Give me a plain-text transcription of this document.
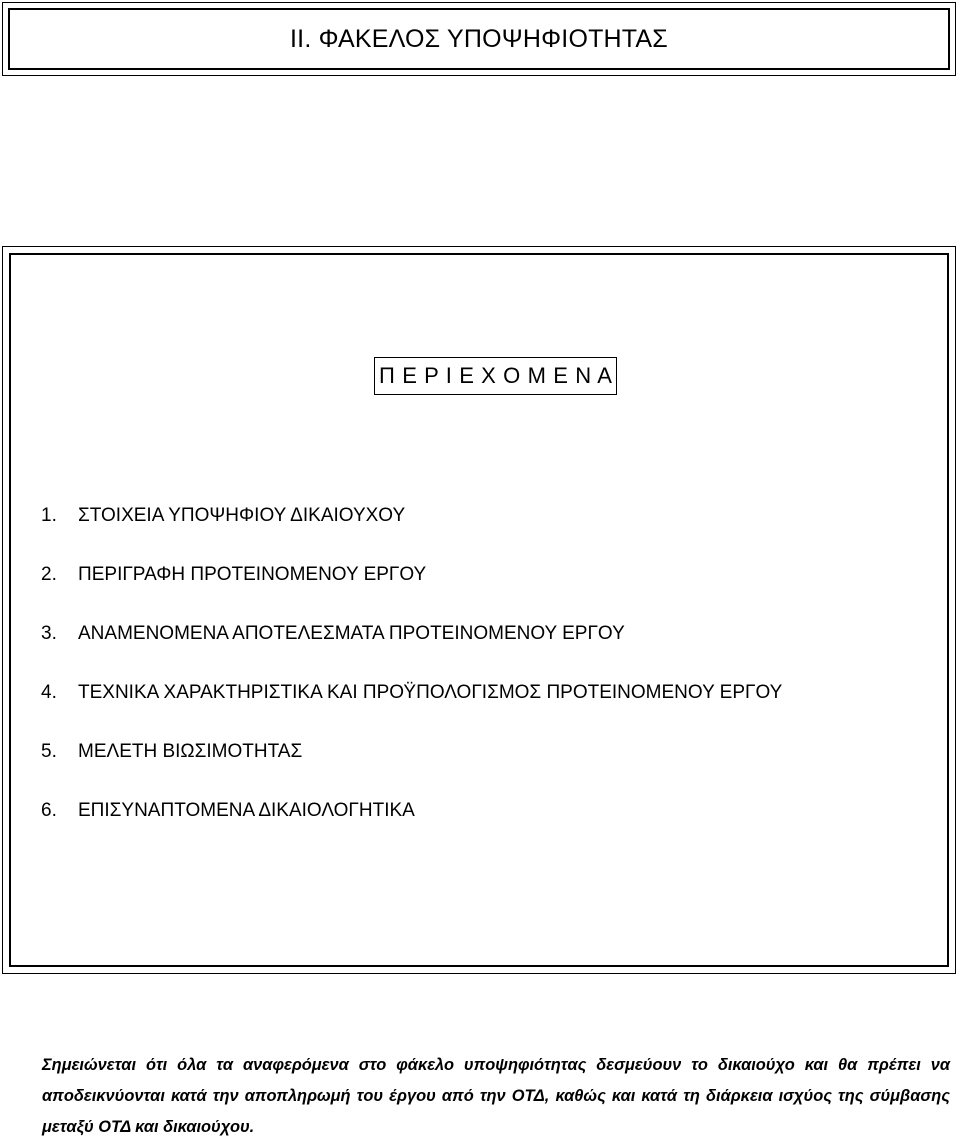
II. ΦΑΚΕΛΟΣ ΥΠΟΨΗΦΙΟΤΗΤΑΣ
Π Ε Ρ Ι Ε Χ Ο Μ Ε Ν Α
1.	ΣΤΟΙΧΕΙΑ ΥΠΟΨΗΦΙΟΥ ΔΙΚΑΙΟΥΧΟΥ
2.	ΠΕΡΙΓΡΑΦΗ ΠΡΟΤΕΙΝΟΜΕΝΟΥ ΕΡΓΟΥ
3.	ΑΝΑΜΕΝΟΜΕΝΑ ΑΠΟΤΕΛΕΣΜΑΤΑ ΠΡΟΤΕΙΝΟΜΕΝΟΥ ΕΡΓΟΥ
4.	ΤΕΧΝΙΚΑ ΧΑΡΑΚΤΗΡΙΣΤΙΚΑ ΚΑΙ ΠΡΟΫΠΟΛΟΓΙΣΜΟΣ ΠΡΟΤΕΙΝΟΜΕΝΟΥ ΕΡΓΟΥ
5.	ΜΕΛΕΤΗ ΒΙΩΣΙΜΟΤΗΤΑΣ
6.	ΕΠΙΣΥΝΑΠΤΟΜΕΝΑ ΔΙΚΑΙΟΛΟΓΗΤΙΚΑ

Σημειώνεται ότι όλα τα αναφερόμενα στο φάκελο υποψηφιότητας δεσμεύουν το δικαιούχο και θα πρέπει να αποδεικνύονται κατά την αποπληρωμή του έργου από την ΟΤΔ, καθώς και κατά τη διάρκεια ισχύος της σύμβασης μεταξύ ΟΤΔ και δικαιούχου.
